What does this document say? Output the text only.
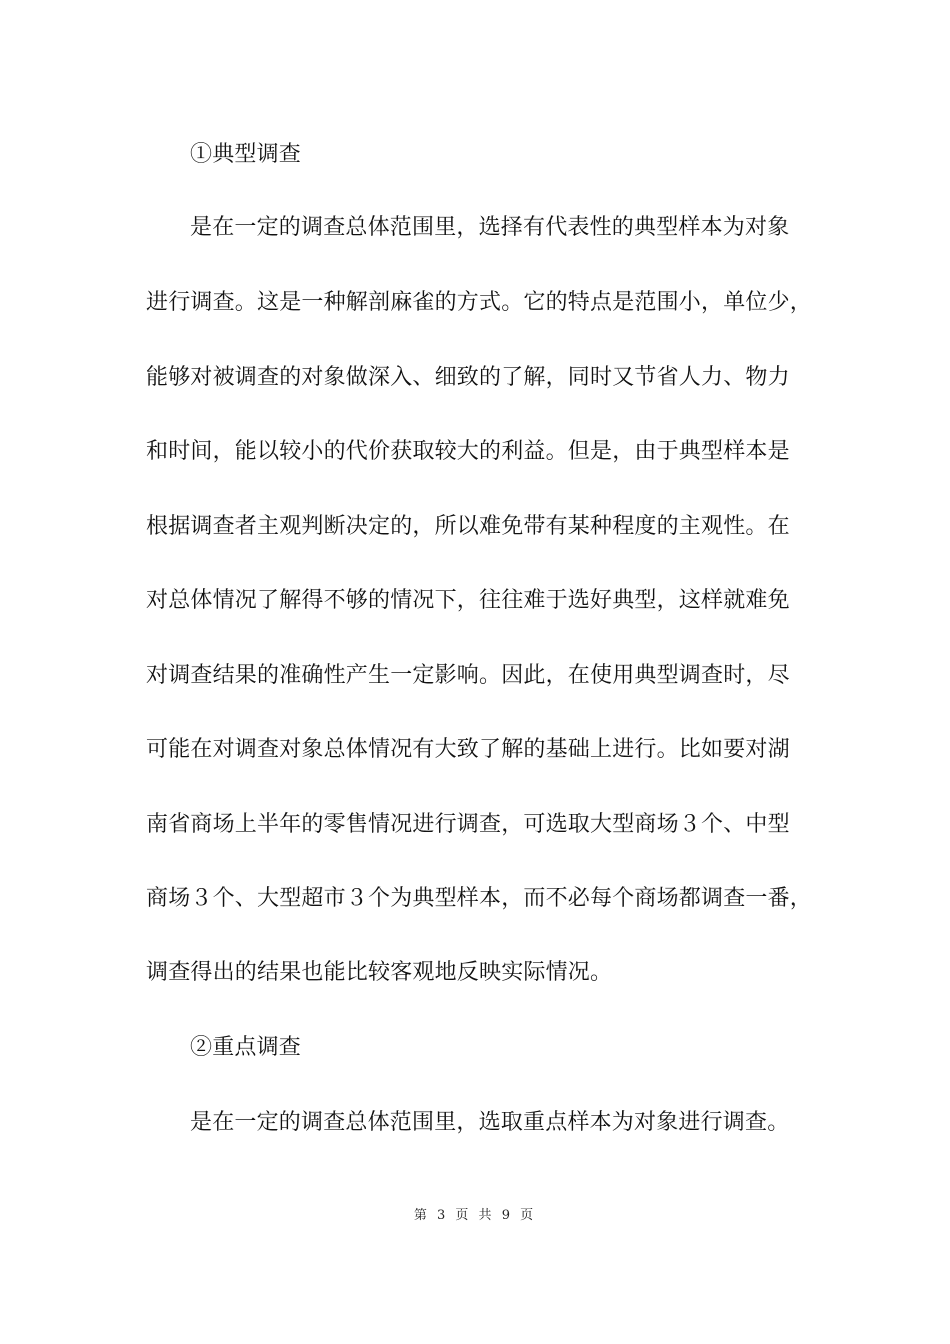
①典型调查
是在一定的调查总体范围里，选择有代表性的典型样本为对象
进行调查。这是一种解剖麻雀的方式。它的特点是范围小，单位少，
能够对被调查的对象做深入、细致的了解，同时又节省人力、物力
和时间，能以较小的代价获取较大的利益。但是，由于典型样本是
根据调查者主观判断决定的，所以难免带有某种程度的主观性。在
对总体情况了解得不够的情况下，往往难于选好典型，这样就难免
对调查结果的准确性产生一定影响。因此，在使用典型调查时，尽
可能在对调查对象总体情况有大致了解的基础上进行。比如要对湖
南省商场上半年的零售情况进行调查，可选取大型商场３个、中型
商场３个、大型超市３个为典型样本，而不必每个商场都调查一番，
调查得出的结果也能比较客观地反映实际情况。
②重点调查
是在一定的调查总体范围里，选取重点样本为对象进行调查。
第 3 页 共 9 页
